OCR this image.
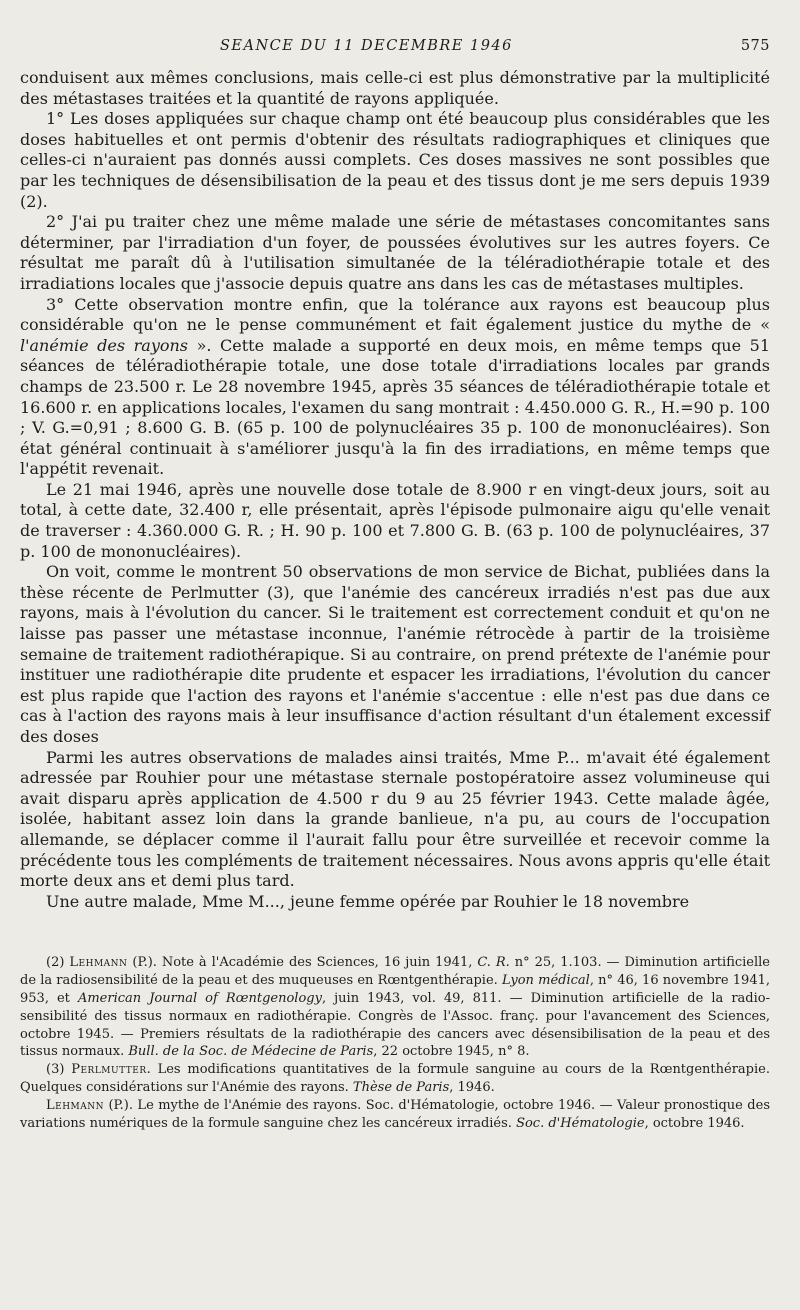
SEANCE DU 11 DECEMBRE 1946	575

conduisent aux mêmes conclusions, mais celle-ci est plus démonstrative par la multiplicité des métastases traitées et la quantité de rayons appliquée.

1° Les doses appliquées sur chaque champ ont été beaucoup plus considérables que les doses habituelles et ont permis d'obtenir des résultats radiographiques et cliniques que celles-ci n'auraient pas donnés aussi complets. Ces doses massives ne sont possibles que par les techniques de désensibilisation de la peau et des tissus dont je me sers depuis 1939 (2).

2° J'ai pu traiter chez une même malade une série de métastases concomitantes sans déterminer, par l'irradiation d'un foyer, de poussées évolutives sur les autres foyers. Ce résultat me paraît dû à l'utilisation simultanée de la téléradiothérapie totale et des irradiations locales que j'associe depuis quatre ans dans les cas de métastases multiples.

3° Cette observation montre enfin, que la tolérance aux rayons est beaucoup plus considérable qu'on ne le pense communément et fait également justice du mythe de « l'anémie des rayons ». Cette malade a supporté en deux mois, en même temps que 51 séances de téléradiothérapie totale, une dose totale d'irradiations locales par grands champs de 23.500 r. Le 28 novembre 1945, après 35 séances de téléradiothérapie totale et 16.600 r. en applications locales, l'examen du sang montrait : 4.450.000 G. R., H.=90 p. 100 ; V. G.=0,91 ; 8.600 G. B. (65 p. 100 de polynucléaires 35 p. 100 de mononucléaires). Son état général continuait à s'améliorer jusqu'à la fin des irradiations, en même temps que l'appétit revenait.

Le 21 mai 1946, après une nouvelle dose totale de 8.900 r en vingt-deux jours, soit au total, à cette date, 32.400 r, elle présentait, après l'épisode pulmonaire aigu qu'elle venait de traverser : 4.360.000 G. R. ; H. 90 p. 100 et 7.800 G. B. (63 p. 100 de polynucléaires, 37 p. 100 de mononucléaires).

On voit, comme le montrent 50 observations de mon service de Bichat, publiées dans la thèse récente de Perlmutter (3), que l'anémie des cancéreux irradiés n'est pas due aux rayons, mais à l'évolution du cancer. Si le traitement est correctement conduit et qu'on ne laisse pas passer une métastase inconnue, l'anémie rétrocède à partir de la troisième semaine de traitement radiothérapique. Si au contraire, on prend prétexte de l'anémie pour instituer une radiothérapie dite prudente et espacer les irradiations, l'évolution du cancer est plus rapide que l'action des rayons et l'anémie s'accentue : elle n'est pas due dans ce cas à l'action des rayons mais à leur insuffisance d'action résultant d'un étalement excessif des doses

Parmi les autres observations de malades ainsi traités, Mme P... m'avait été également adressée par Rouhier pour une métastase sternale postopératoire assez volumineuse qui avait disparu après application de 4.500 r du 9 au 25 février 1943. Cette malade âgée, isolée, habitant assez loin dans la grande banlieue, n'a pu, au cours de l'occupation allemande, se déplacer comme il l'aurait fallu pour être surveillée et recevoir comme la précédente tous les compléments de traitement nécessaires. Nous avons appris qu'elle était morte deux ans et demi plus tard.

Une autre malade, Mme M..., jeune femme opérée par Rouhier le 18 novembre

(2) Lehmann (P.). Note à l'Académie des Sciences, 16 juin 1941, C. R. n° 25, 1.103. — Diminution artificielle de la radiosensibilité de la peau et des muqueuses en Rœntgenthérapie. Lyon médical, n° 46, 16 novembre 1941, 953, et American Journal of Rœntgenology, juin 1943, vol. 49, 811. — Diminution artificielle de la radio-sensibilité des tissus normaux en radiothérapie. Congrès de l'Assoc. franç. pour l'avancement des Sciences, octobre 1945. — Premiers résultats de la radiothérapie des cancers avec désensibilisation de la peau et des tissus normaux. Bull. de la Soc. de Médecine de Paris, 22 octobre 1945, n° 8.

(3) Perlmutter. Les modifications quantitatives de la formule sanguine au cours de la Rœntgenthérapie. Quelques considérations sur l'Anémie des rayons. Thèse de Paris, 1946.

Lehmann (P.). Le mythe de l'Anémie des rayons. Soc. d'Hématologie, octobre 1946. — Valeur pronostique des variations numériques de la formule sanguine chez les cancéreux irradiés. Soc. d'Hématologie, octobre 1946.
